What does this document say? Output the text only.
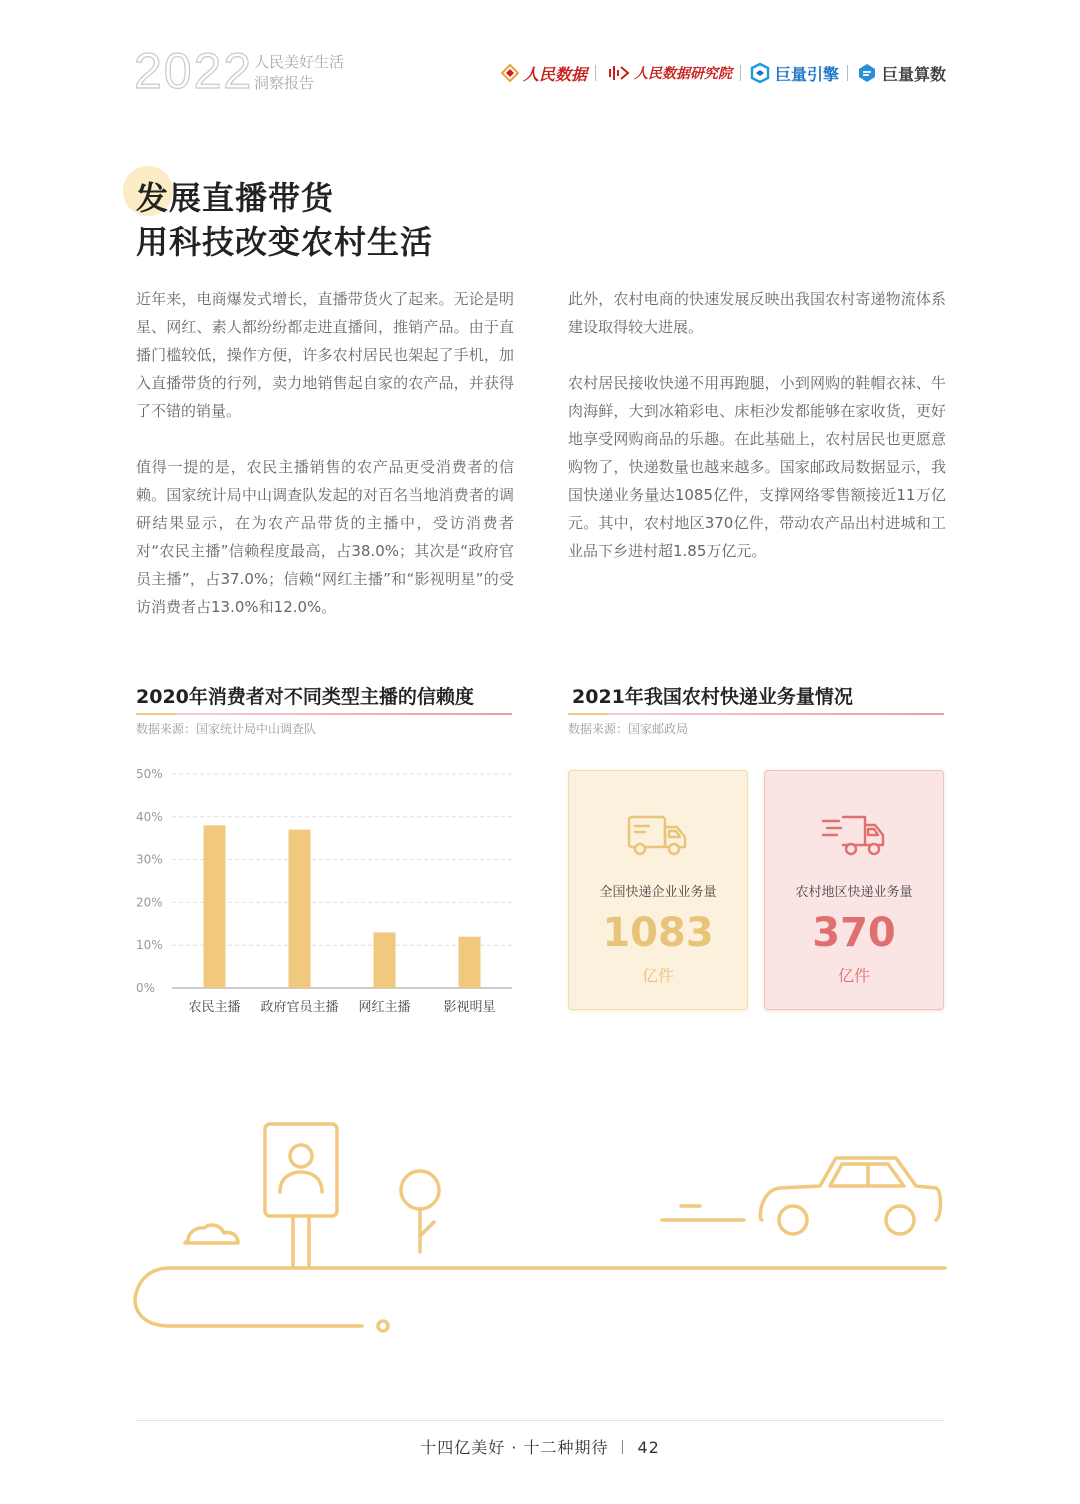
2022 人民美好生活
洞察报告	人民数据	人民数据研究院	巨量引擎	巨量算数
发展直播带货
用科技改变农村生活

近年来，电商爆发式增长，直播带货火了起来。无论是明星、网红、素人都纷纷都走进直播间，推销产品。由于直播门槛较低，操作方便，许多农村居民也架起了手机，加入直播带货的行列，卖力地销售起自家的农产品，并获得了不错的销量。

值得一提的是，农民主播销售的农产品更受消费者的信赖。国家统计局中山调查队发起的对百名当地消费者的调研结果显示，在为农产品带货的主播中，受访消费者对“农民主播”信赖程度最高，占38.0%；其次是“政府官员主播”，占37.0%；信赖“网红主播”和“影视明星”的受访消费者占13.0%和12.0%。

此外，农村电商的快速发展反映出我国农村寄递物流体系建设取得较大进展。

农村居民接收快递不用再跑腿，小到网购的鞋帽衣袜、牛肉海鲜，大到冰箱彩电、床柜沙发都能够在家收货，更好地享受网购商品的乐趣。在此基础上，农村居民也更愿意购物了，快递数量也越来越多。国家邮政局数据显示，我国快递业务量达1085亿件，支撑网络零售额接近11万亿元。其中，农村地区370亿件，带动农产品出村进城和工业品下乡进村超1.85万亿元。

2020年消费者对不同类型主播的信赖度
数据来源：国家统计局中山调查队
0%
10%
20%
30%
40%
50%
农民主播 政府官员主播 网红主播	影视明星
2021年我国农村快递业务量情况
数据来源：国家邮政局
全国快递企业业务量
1083
亿件
农村地区快递业务量
370
亿件
十四亿美好 · 十二种期待 42
